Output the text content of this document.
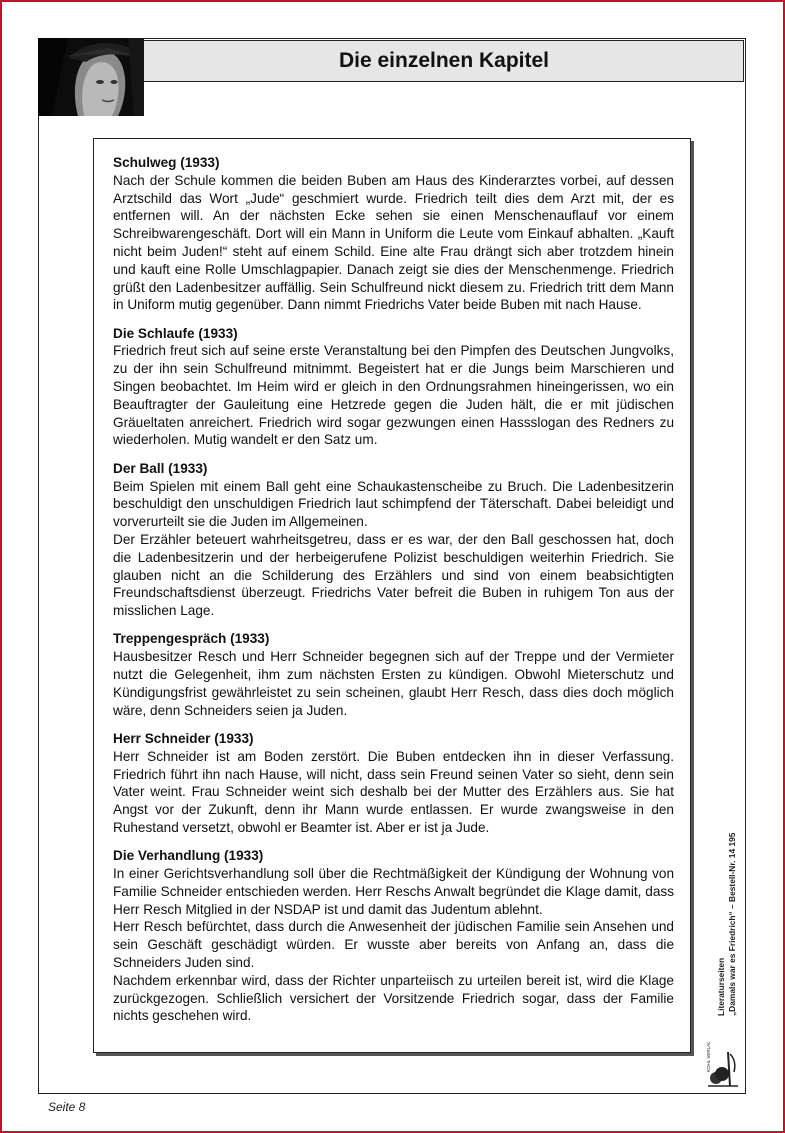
Die einzelnen Kapitel
Schulweg (1933)

Nach der Schule kommen die beiden Buben am Haus des Kinderarztes vorbei, auf dessen Arztschild das Wort „Jude“ geschmiert wurde. Friedrich teilt dies dem Arzt mit, der es entfernen will. An der nächsten Ecke sehen sie einen Menschenauflauf vor einem Schreibwarengeschäft. Dort will ein Mann in Uniform die Leute vom Einkauf abhalten. „Kauft nicht beim Juden!“ steht auf einem Schild. Eine alte Frau drängt sich aber trotzdem hinein und kauft eine Rolle Umschlagpapier. Danach zeigt sie dies der Menschenmenge. Friedrich grüßt den Ladenbesitzer auffällig. Sein Schulfreund nickt diesem zu. Friedrich tritt dem Mann in Uniform mutig gegenüber. Dann nimmt Friedrichs Vater beide Buben mit nach Hause.

Die Schlaufe (1933)

Friedrich freut sich auf seine erste Veranstaltung bei den Pimpfen des Deutschen Jungvolks, zu der ihn sein Schulfreund mitnimmt. Begeistert hat er die Jungs beim Marschieren und Singen beobachtet. Im Heim wird er gleich in den Ordnungsrahmen hineingerissen, wo ein Beauftragter der Gauleitung eine Hetzrede gegen die Juden hält, die er mit jüdischen Gräueltaten anreichert. Friedrich wird sogar gezwungen einen Hassslogan des Redners zu wiederholen. Mutig wandelt er den Satz um.

Der Ball (1933)

Beim Spielen mit einem Ball geht eine Schaukastenscheibe zu Bruch. Die Ladenbesitzerin beschuldigt den unschuldigen Friedrich laut schimpfend der Täterschaft. Dabei beleidigt und vorverurteilt sie die Juden im Allgemeinen.

Der Erzähler beteuert wahrheitsgetreu, dass er es war, der den Ball geschossen hat, doch die Ladenbesitzerin und der herbeigerufene Polizist beschuldigen weiterhin Friedrich. Sie glauben nicht an die Schilderung des Erzählers und sind von einem beabsichtigten Freundschaftsdienst überzeugt. Friedrichs Vater befreit die Buben in ruhigem Ton aus der misslichen Lage.

Treppengespräch (1933)

Hausbesitzer Resch und Herr Schneider begegnen sich auf der Treppe und der Vermieter nutzt die Gelegenheit, ihm zum nächsten Ersten zu kündigen. Obwohl Mieterschutz und Kündigungsfrist gewährleistet zu sein scheinen, glaubt Herr Resch, dass dies doch möglich wäre, denn Schneiders seien ja Juden.

Herr Schneider (1933)

Herr Schneider ist am Boden zerstört. Die Buben entdecken ihn in dieser Verfassung. Friedrich führt ihn nach Hause, will nicht, dass sein Freund seinen Vater so sieht, denn sein Vater weint. Frau Schneider weint sich deshalb bei der Mutter des Erzählers aus. Sie hat Angst vor der Zukunft, denn ihr Mann wurde entlassen. Er wurde zwangsweise in den Ruhestand versetzt, obwohl er Beamter ist. Aber er ist ja Jude.

Die Verhandlung (1933)

In einer Gerichtsverhandlung soll über die Rechtmäßigkeit der Kündigung der Wohnung von Familie Schneider entschieden werden. Herr Reschs Anwalt begründet die Klage damit, dass Herr Resch Mitglied in der NSDAP ist und damit das Judentum ablehnt.

Herr Resch befürchtet, dass durch die Anwesenheit der jüdischen Familie sein Ansehen und sein Geschäft geschädigt würden. Er wusste aber bereits von Anfang an, dass die Schneiders Juden sind.

Nachdem erkennbar wird, dass der Richter unparteiisch zu urteilen bereit ist, wird die Klage zurückgezogen. Schließlich versichert der Vorsitzende Friedrich sogar, dass der Familie nichts geschehen wird.	Literaturseiten „Damals war es Friedrich“ – Bestell-Nr. 14 195
KOHL VERLAG
Seite 8
